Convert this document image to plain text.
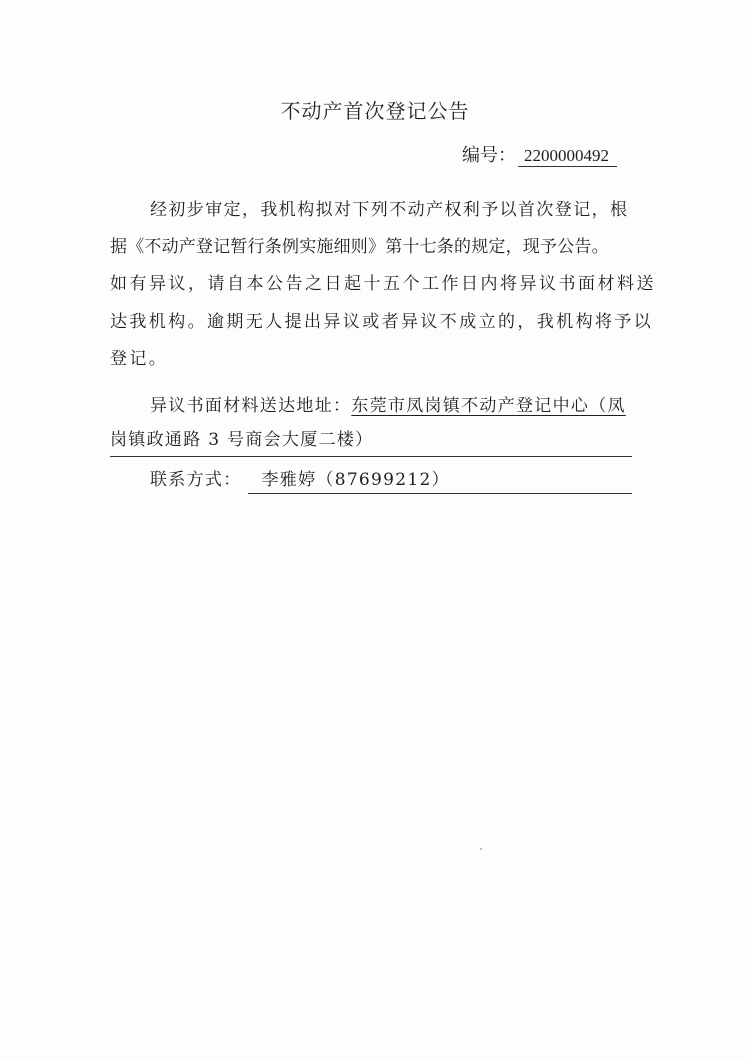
不动产首次登记公告
编号： 2200000492
经初步审定，我机构拟对下列不动产权利予以首次登记，根
据《不动产登记暂行条例实施细则》第十七条的规定，现予公告。
如有异议，请自本公告之日起十五个工作日内将异议书面材料送
达我机构。逾期无人提出异议或者异议不成立的，我机构将予以
登记。
异议书面材料送达地址：东莞市凤岗镇不动产登记中心（凤
岗镇政通路 3 号商会大厦二楼）
联系方式： 李雅婷（87699212）
